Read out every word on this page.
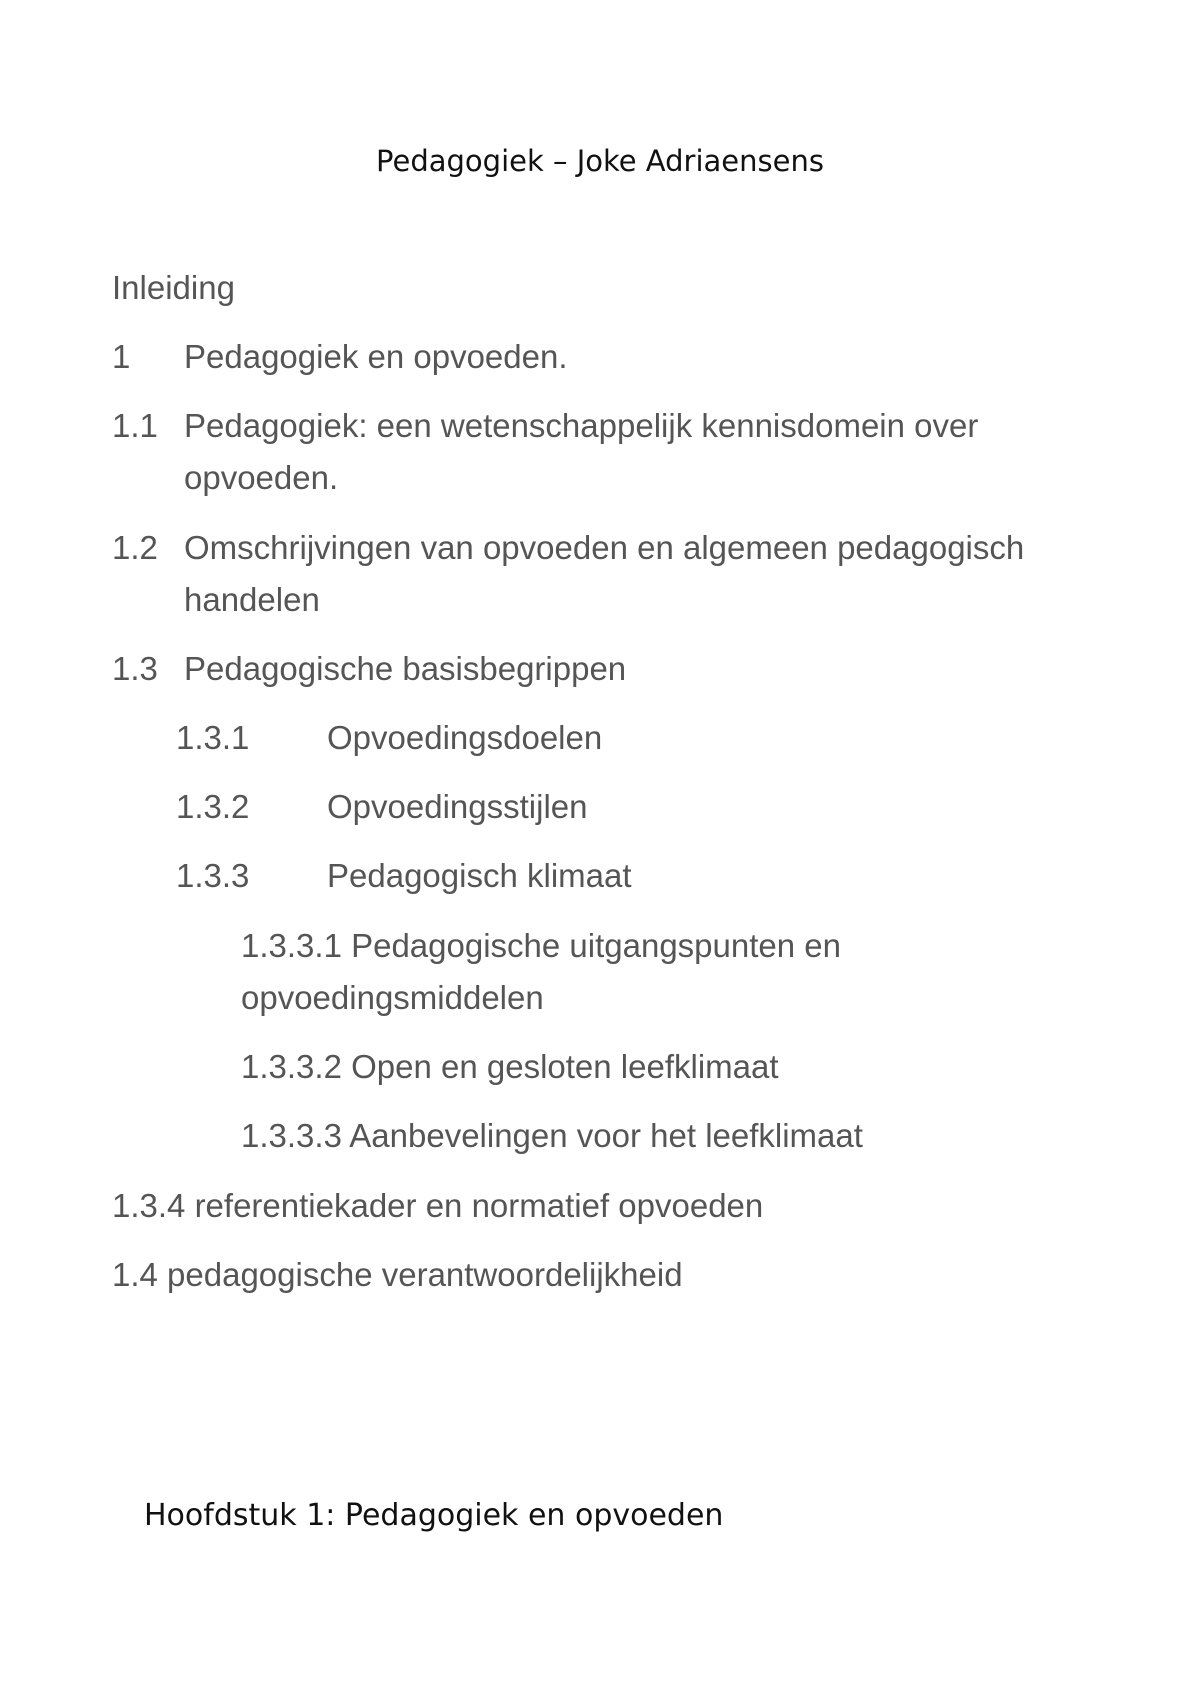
Pedagogiek – Joke Adriaensens
Inleiding
1 Pedagogiek en opvoeden.
1.1 Pedagogiek: een wetenschappelijk kennisdomein over
opvoeden.
1.2 Omschrijvingen van opvoeden en algemeen pedagogisch
handelen
1.3 Pedagogische basisbegrippen
1.3.1 Opvoedingsdoelen
1.3.2 Opvoedingsstijlen
1.3.3 Pedagogisch klimaat
1.3.3.1 Pedagogische uitgangspunten en
opvoedingsmiddelen
1.3.3.2 Open en gesloten leefklimaat
1.3.3.3 Aanbevelingen voor het leefklimaat
1.3.4 referentiekader en normatief opvoeden
1.4 pedagogische verantwoordelijkheid
Hoofdstuk 1: Pedagogiek en opvoeden
